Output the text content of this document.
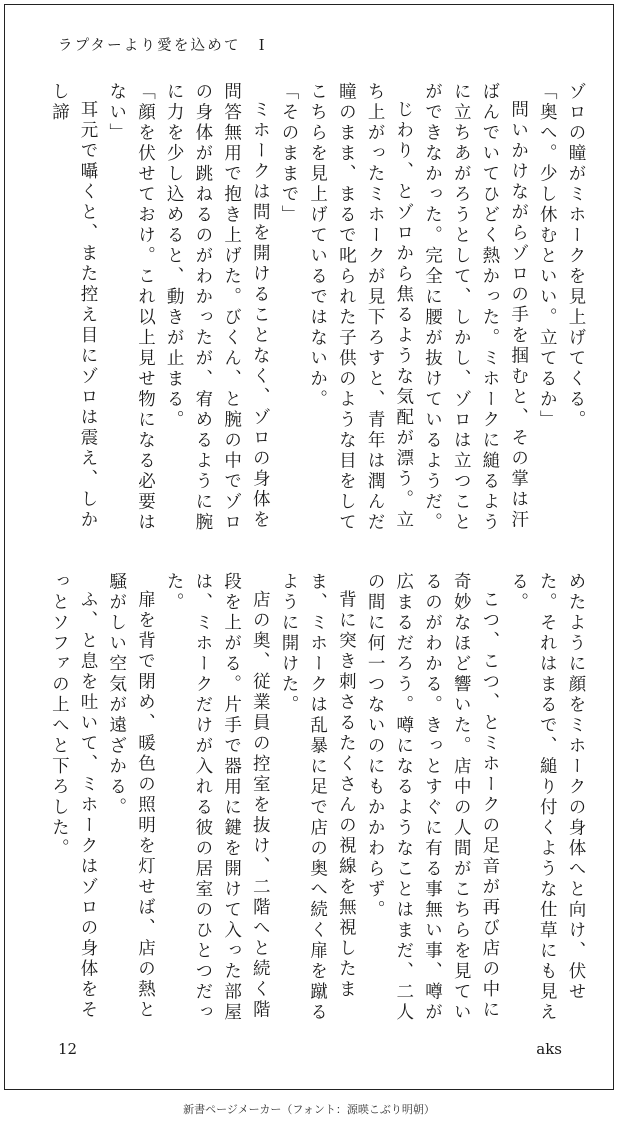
ラプターより愛を込めて Ⅰ

ゾロの瞳がミホークを見上げてくる。

「奥へ。少し休むといい。立てるか」

問いかけながらゾロの手を掴むと、その掌は汗ばんでいてひどく熱かった。ミホークに縋るように立ちあがろうとして、しかし、ゾロは立つことができなかった。完全に腰が抜けているようだ。

じわり、とゾロから焦るような気配が漂う。立ち上がったミホークが見下ろすと、青年は潤んだ瞳のまま、まるで叱られた子供のような目をしてこちらを見上げているではないか。

「そのままで」

ミホークは問を開けることなく、ゾロの身体を問答無用で抱き上げた。びくん、と腕の中でゾロの身体が跳ねるのがわかったが、宥めるように腕に力を少し込めると、動きが止まる。

「顔を伏せておけ。これ以上見せ物になる必要はない」

耳元で囁くと、また控え目にゾロは震え、しかし諦

めたように顔をミホークの身体へと向け、伏せた。それはまるで、縋り付くような仕草にも見える。

こつ、こつ、とミホークの足音が再び店の中に奇妙なほど響いた。店中の人間がこちらを見ているのがわかる。きっとすぐに有る事無い事、噂が広まるだろう。噂になるようなことはまだ、二人の間に何一つないのにもかかわらず。

背に突き刺さるたくさんの視線を無視したまま、ミホークは乱暴に足で店の奥へ続く扉を蹴るように開けた。

店の奥、従業員の控室を抜け、二階へと続く階段を上がる。片手で器用に鍵を開けて入った部屋は、ミホークだけが入れる彼の居室のひとつだった。

扉を背で閉め、暖色の照明を灯せば、店の熱と騒がしい空気が遠ざかる。

ふ、と息を吐いて、ミホークはゾロの身体をそっとソファの上へと下ろした。

12	aks
新書ページメーカー（フォント：源暎こぶり明朝）
